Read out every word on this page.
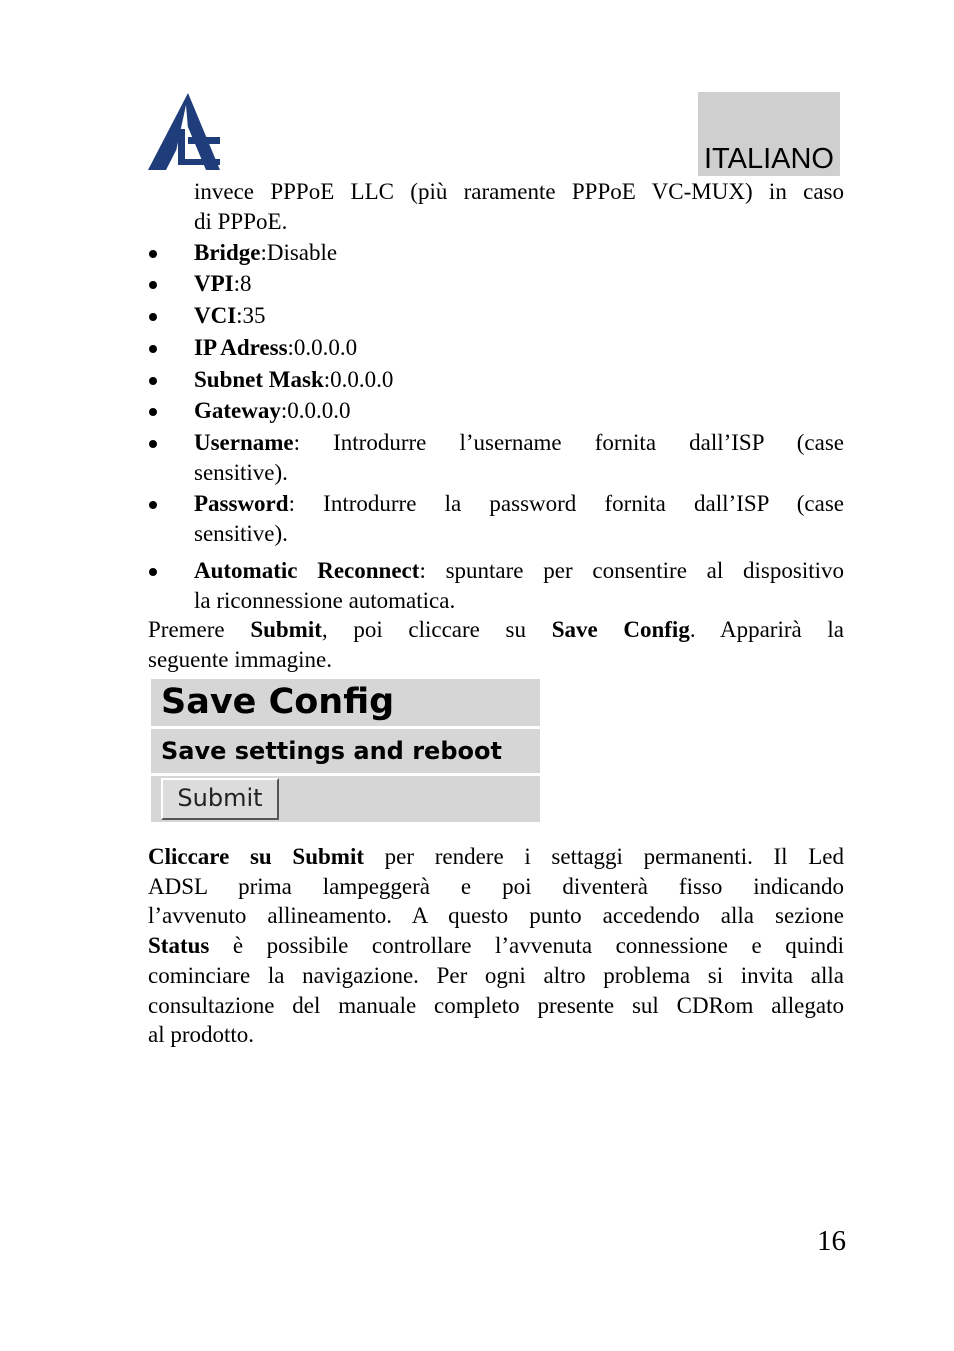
ITALIANO
invece PPPoE LLC (più raramente PPPoE VC-MUX) in caso
di PPPoE.
Bridge:Disable
VPI:8
VCI:35
IP Adress:0.0.0.0
Subnet Mask:0.0.0.0
Gateway:0.0.0.0
Username: Introdurre l’username fornita dall’ISP (case
sensitive).
Password: Introdurre la password fornita dall’ISP (case
sensitive).
Automatic Reconnect: spuntare per consentire al dispositivo
la riconnessione automatica.
Premere Submit, poi cliccare su Save Config. Apparirà la
seguente immagine.
Save Config
Save settings and reboot
Submit
Cliccare su Submit per rendere i settaggi permanenti. Il Led
ADSL prima lampeggerà e poi diventerà fisso indicando
l’avvenuto allineamento. A questo punto accedendo alla sezione
Status è possibile controllare l’avvenuta connessione e quindi
cominciare la navigazione. Per ogni altro problema si invita alla
consultazione del manuale completo presente sul CDRom allegato
al prodotto.
16
